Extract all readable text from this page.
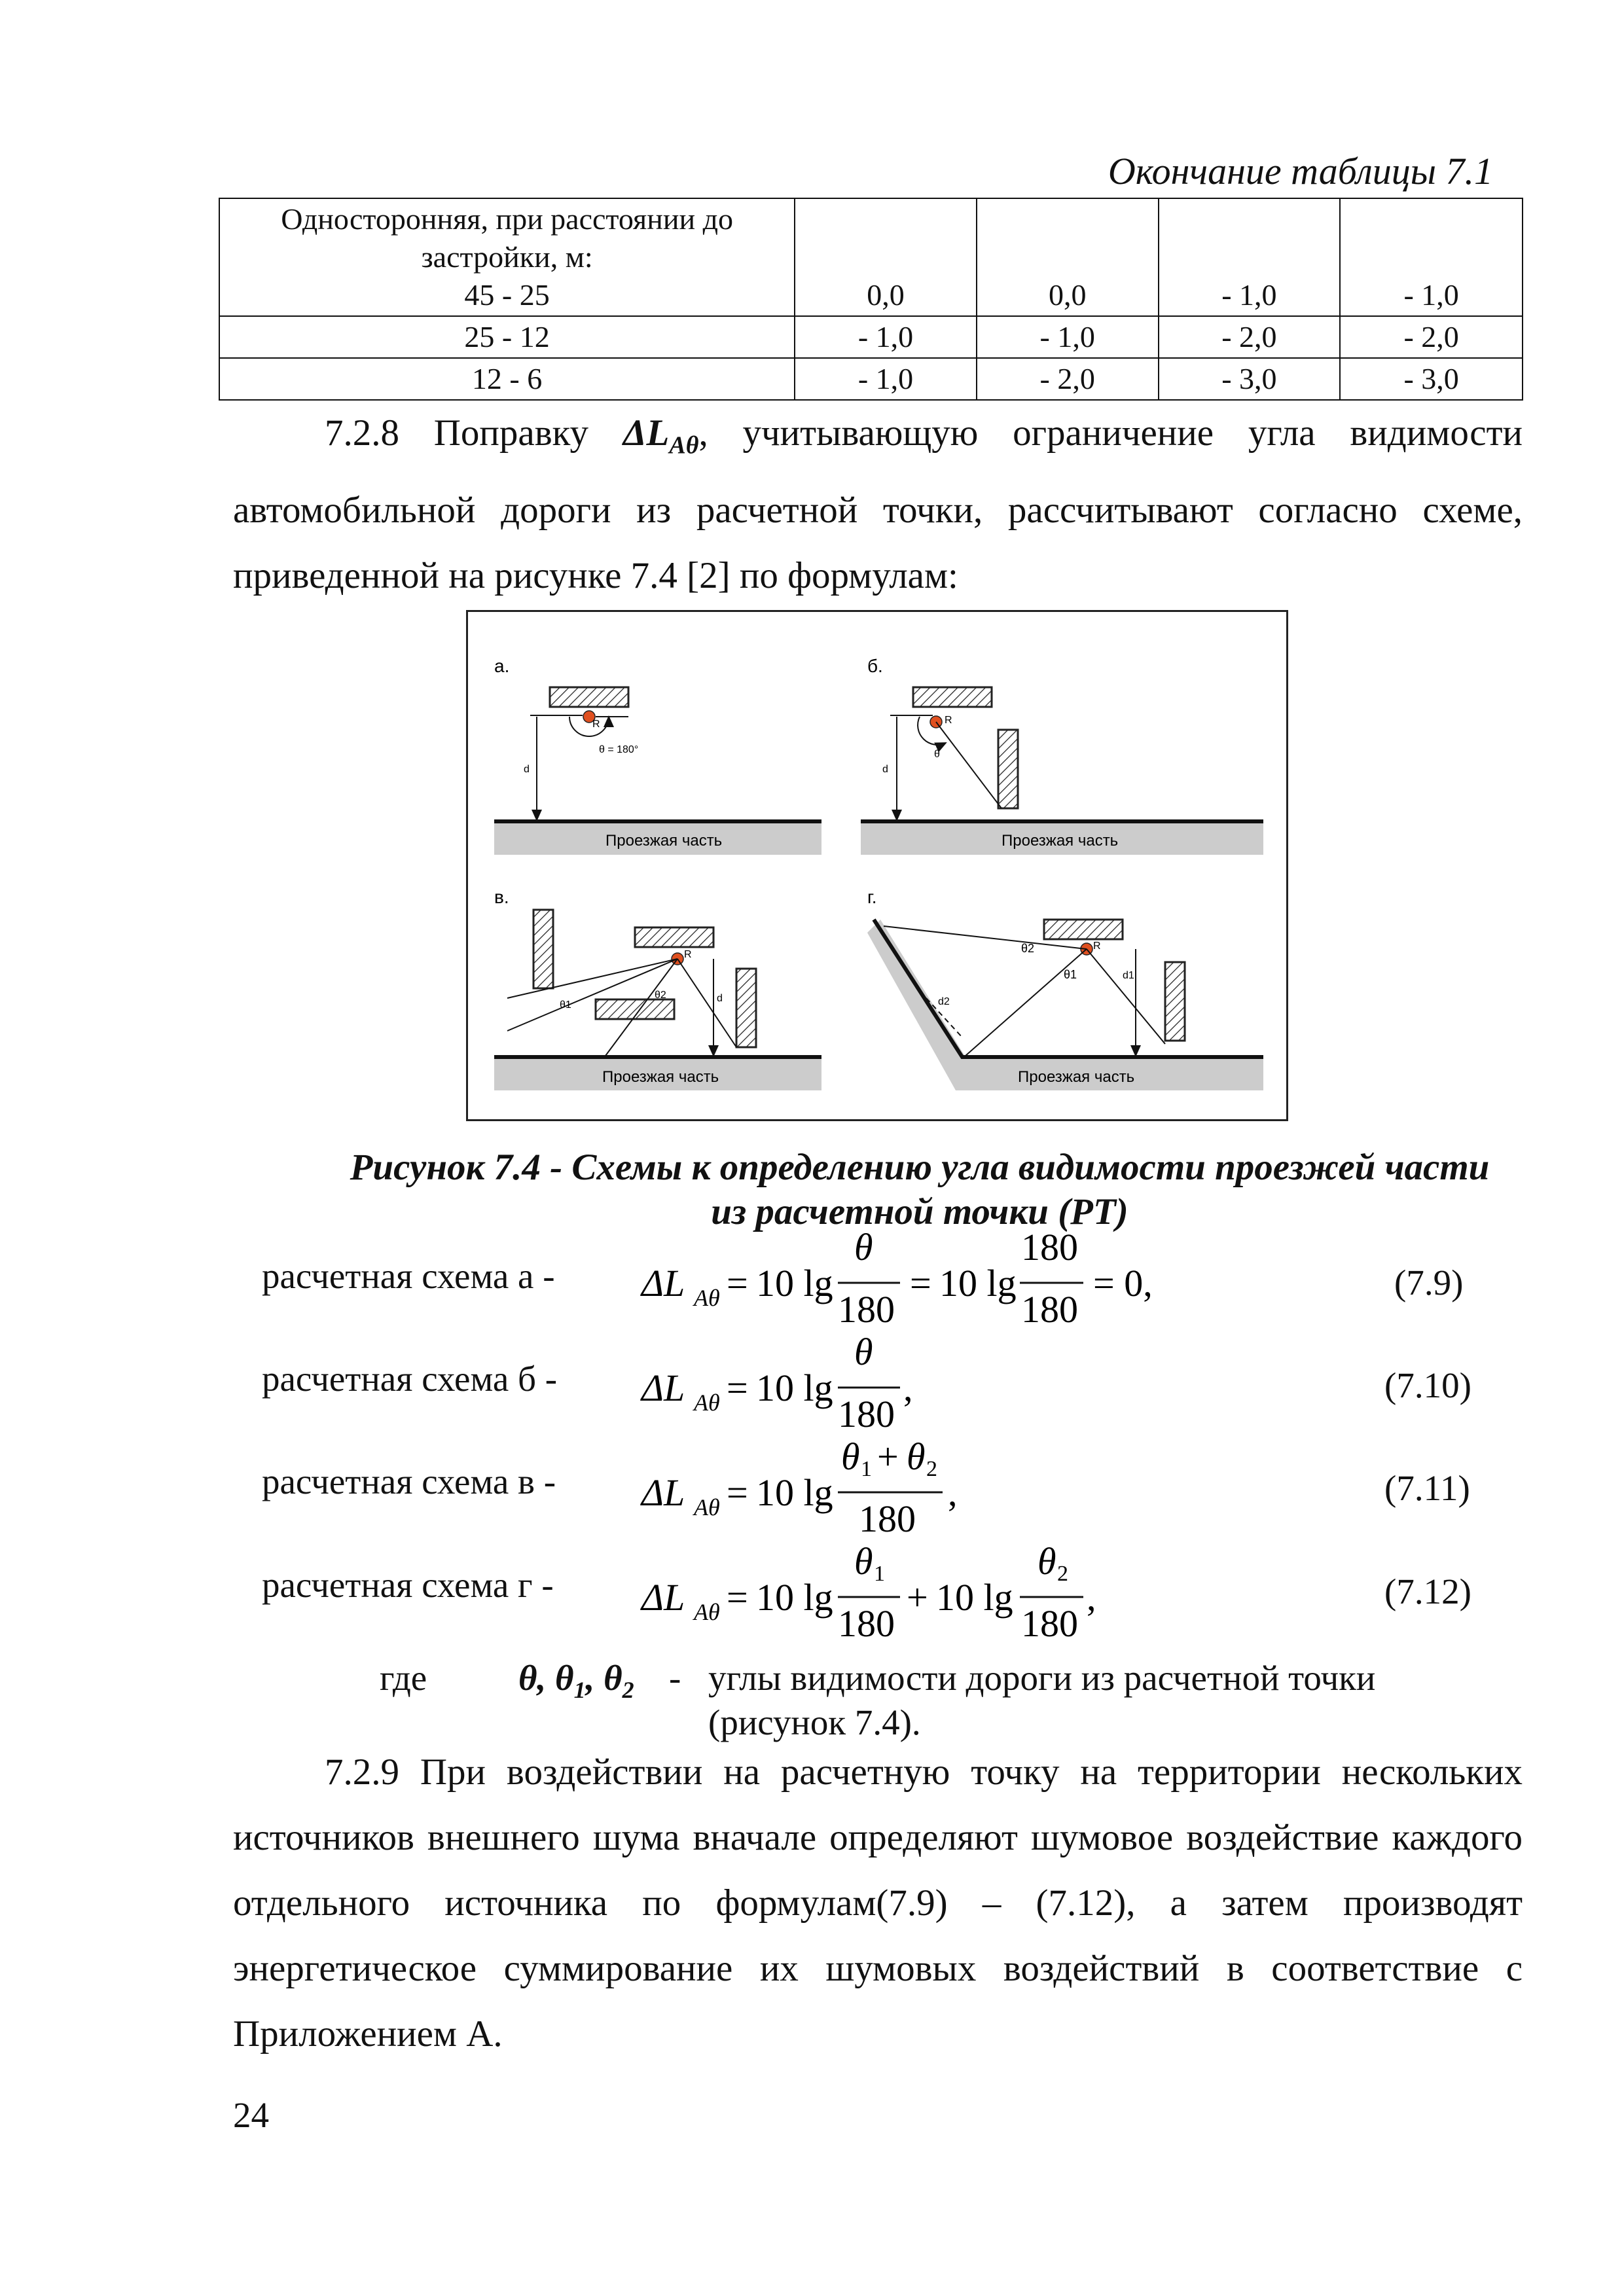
Окончание таблицы 7.1
Односторонняя, при расстоянии до застройки, м:
45 - 25	0,0	0,0	- 1,0	- 1,0
25 - 12	- 1,0	- 1,0	- 2,0	- 2,0
12 - 6	- 1,0	- 2,0	- 3,0	- 3,0
7.2.8 Поправку $\Delta L_{A\theta}$, учитывающую ограничение угла видимости автомобильной дороги из расчетной точки, рассчитывают согласно схеме, приведенной на рисунке 7.4 [2] по формулам:
а.
R
d
θ = 180°
Проезжая часть
б.
R
d
θ
Проезжая часть
в.
R
d
θ1
θ2
Проезжая часть
г.
R
d1
θ1
θ2
d2
Проезжая часть
Рисунок 7.4 - Схемы к определению угла видимости проезжей части
из расчетной точки (РТ)
расчетная схема а -
расчетная схема б -
расчетная схема в -
расчетная схема г -
(7.9)
(7.10)
(7.11)
(7.12)
ΔL Aθ = 10 lg
θ
180
= 10 lg
180
180
= 0,
ΔL Aθ = 10 lg
θ
180
,
ΔL Aθ = 10 lg
θ 1 + θ 2
180
,
ΔL Aθ = 10 lg
θ 1
180
+ 10 lg
θ 2
180
,
где	θ, $\theta_1$, $\theta_2$ - углы видимости дороги из расчетной точки
(рисунок 7.4).
7.2.9 При воздействии на расчетную точку на территории нескольких источников внешнего шума вначале определяют шумовое воздействие каждого отдельного источника по формулам(7.9) – (7.12), а затем производят энергетическое суммирование их шумовых воздействий в соответствие с Приложением А.
24
